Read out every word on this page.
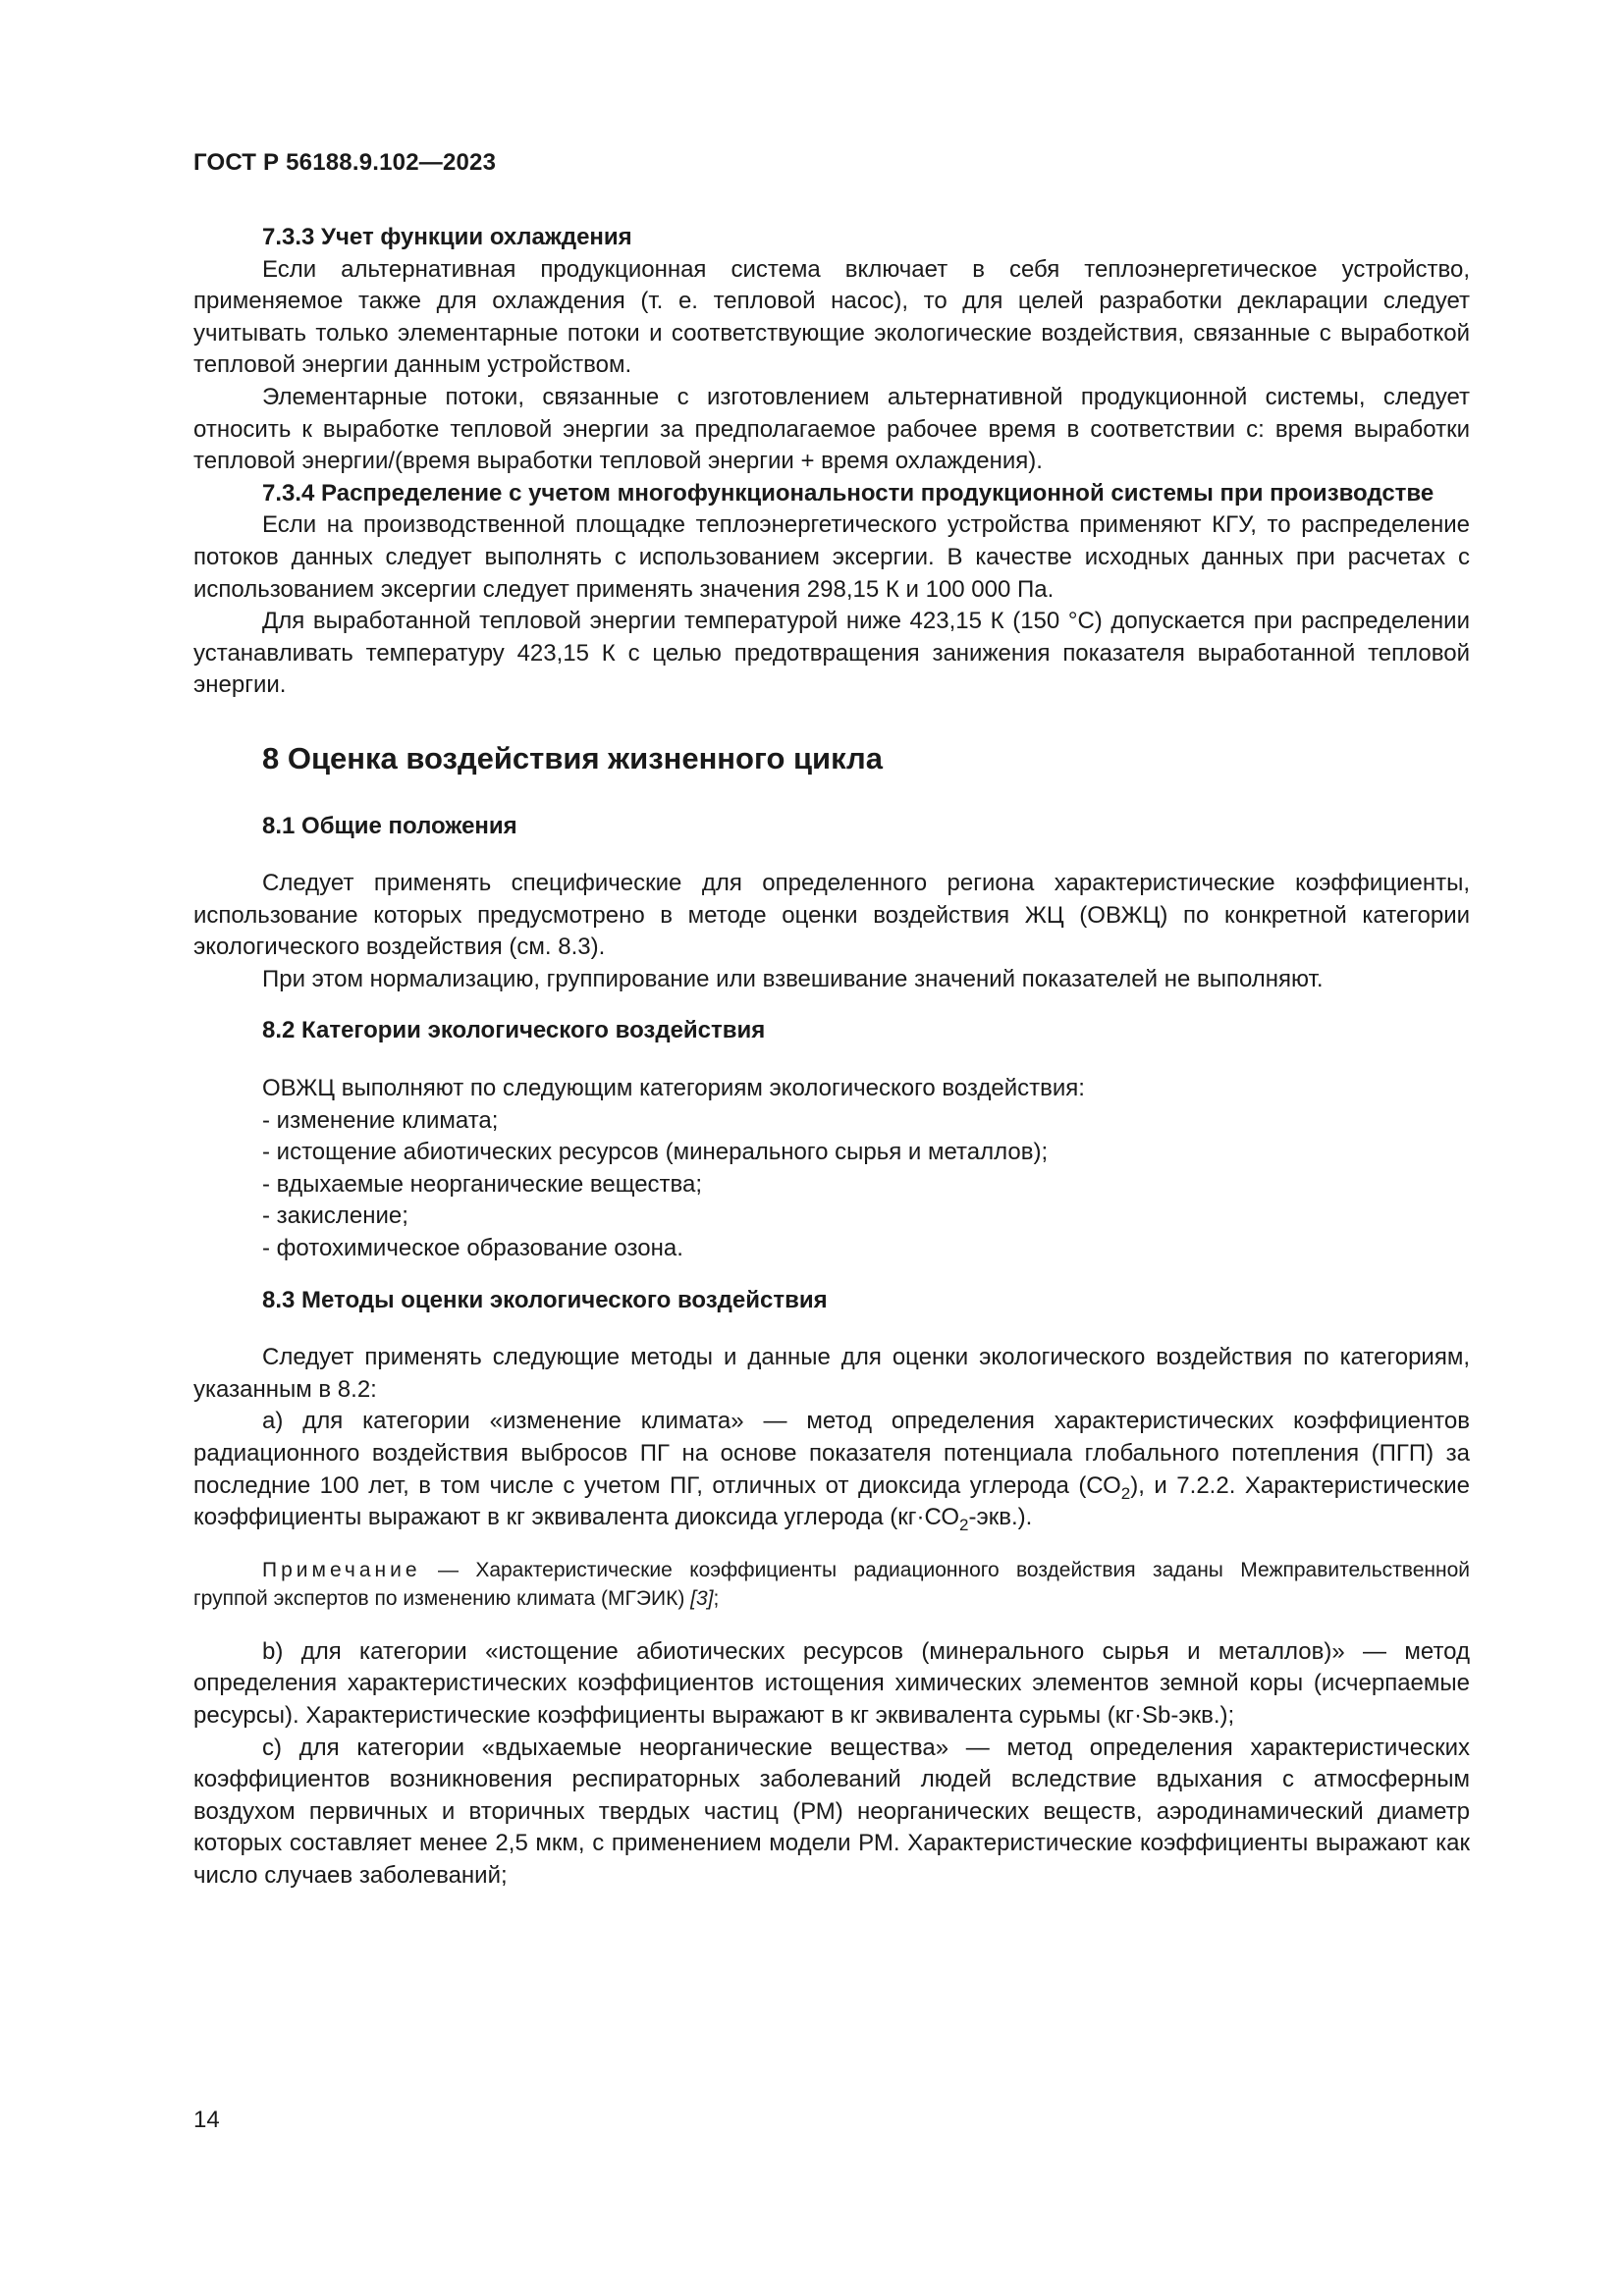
ГОСТ Р 56188.9.102—2023

7.3.3 Учет функции охлаждения

Если альтернативная продукционная система включает в себя теплоэнергетическое устройство, применяемое также для охлаждения (т. е. тепловой насос), то для целей разработки декларации следует учитывать только элементарные потоки и соответствующие экологические воздействия, связанные с выработкой тепловой энергии данным устройством.

Элементарные потоки, связанные с изготовлением альтернативной продукционной системы, следует относить к выработке тепловой энергии за предполагаемое рабочее время в соответствии с: время выработки тепловой энергии/(время выработки тепловой энергии + время охлаждения).

7.3.4 Распределение с учетом многофункциональности продукционной системы при производстве

Если на производственной площадке теплоэнергетического устройства применяют КГУ, то распределение потоков данных следует выполнять с использованием эксергии. В качестве исходных данных при расчетах с использованием эксергии следует применять значения 298,15 К и 100 000 Па.

Для выработанной тепловой энергии температурой ниже 423,15 К (150 °С) допускается при распределении устанавливать температуру 423,15 К с целью предотвращения занижения показателя выработанной тепловой энергии.

8 Оценка воздействия жизненного цикла

8.1 Общие положения

Следует применять специфические для определенного региона характеристические коэффициенты, использование которых предусмотрено в методе оценки воздействия ЖЦ (ОВЖЦ) по конкретной категории экологического воздействия (см. 8.3).

При этом нормализацию, группирование или взвешивание значений показателей не выполняют.

8.2 Категории экологического воздействия

ОВЖЦ выполняют по следующим категориям экологического воздействия:

- изменение климата;

- истощение абиотических ресурсов (минерального сырья и металлов);

- вдыхаемые неорганические вещества;

- закисление;

- фотохимическое образование озона.

8.3 Методы оценки экологического воздействия

Следует применять следующие методы и данные для оценки экологического воздействия по категориям, указанным в 8.2:

а) для категории «изменение климата» — метод определения характеристических коэффициентов радиационного воздействия выбросов ПГ на основе показателя потенциала глобального потепления (ПГП) за последние 100 лет, в том числе с учетом ПГ, отличных от диоксида углерода $(СО_2)$, и 7.2.2. Характеристические коэффициенты выражают в кг эквивалента диоксида углерода $(кг\cdot СО_2-экв.)$.

Примечание — Характеристические коэффициенты радиационного воздействия заданы Межправительственной группой экспертов по изменению климата (МГЭИК) [3];

b) для категории «истощение абиотических ресурсов (минерального сырья и металлов)» — метод определения характеристических коэффициентов истощения химических элементов земной коры (исчерпаемые ресурсы). Характеристические коэффициенты выражают в кг эквивалента сурьмы (кг·Sb-экв.);

с) для категории «вдыхаемые неорганические вещества» — метод определения характеристических коэффициентов возникновения респираторных заболеваний людей вследствие вдыхания с атмосферным воздухом первичных и вторичных твердых частиц (РМ) неорганических веществ, аэродинамический диаметр которых составляет менее 2,5 мкм, с применением модели РМ. Характеристические коэффициенты выражают как число случаев заболеваний;

14
